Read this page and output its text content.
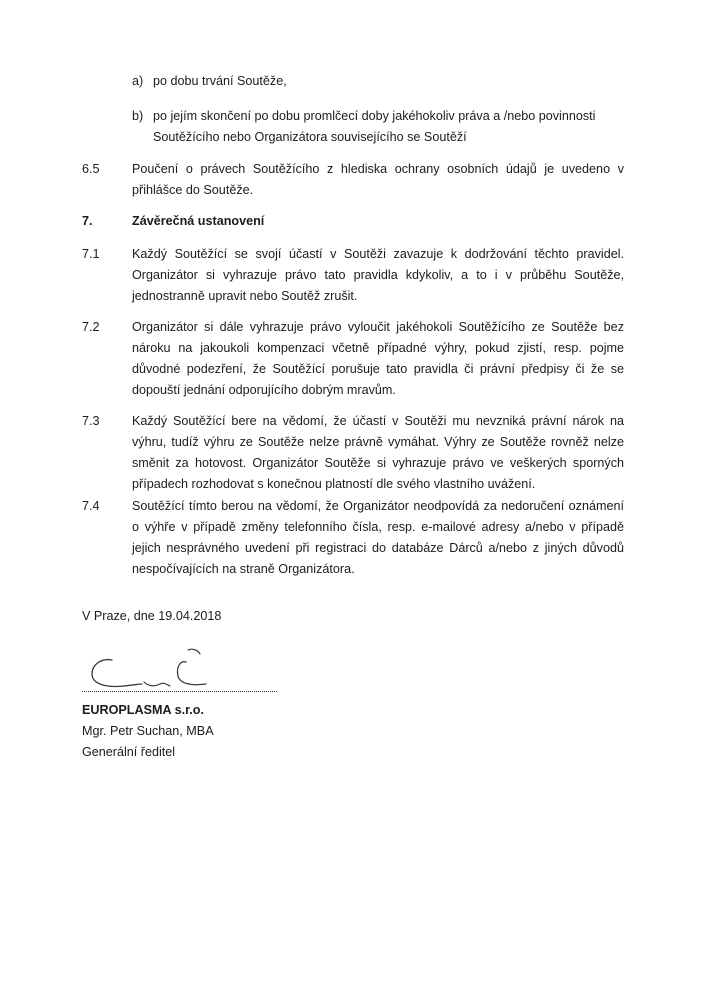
a) po dobu trvání Soutěže,
b) po jejím skončení po dobu promlčecí doby jakéhokoliv práva a /nebo povinnosti Soutěžícího nebo Organizátora souvisejícího se Soutěží
6.5	Poučení o právech Soutěžícího z hlediska ochrany osobních údajů je uvedeno v přihlášce do Soutěže.
7.	Závěrečná ustanovení
7.1	Každý Soutěžící se svojí účastí v Soutěži zavazuje k dodržování těchto pravidel. Organizátor si vyhrazuje právo tato pravidla kdykoliv, a to i v průběhu Soutěže, jednostranně upravit nebo Soutěž zrušit.
7.2	Organizátor si dále vyhrazuje právo vyloučit jakéhokoli Soutěžícího ze Soutěže bez nároku na jakoukoli kompenzaci včetně případné výhry, pokud zjistí, resp. pojme důvodné podezření, že Soutěžící porušuje tato pravidla či právní předpisy či že se dopouští jednání odporujícího dobrým mravům.
7.3	Každý Soutěžící bere na vědomí, že účastí v Soutěži mu nevzniká právní nárok na výhru, tudíž výhru ze Soutěže nelze právně vymáhat. Výhry ze Soutěže rovněž nelze směnit za hotovost. Organizátor Soutěže si vyhrazuje právo ve veškerých sporných případech rozhodovat s konečnou platností dle svého vlastního uvážení.
7.4	Soutěžící tímto berou na vědomí, že Organizátor neodpovídá za nedoručení oznámení o výhře v případě změny telefonního čísla, resp. e-mailové adresy a/nebo v případě jejich nesprávného uvedení při registraci do databáze Dárců a/nebo z jiných důvodů nespočívajících na straně Organizátora.
V Praze, dne 19.04.2018
EUROPLASMA s.r.o.
Mgr. Petr Suchan, MBA
Generální ředitel
